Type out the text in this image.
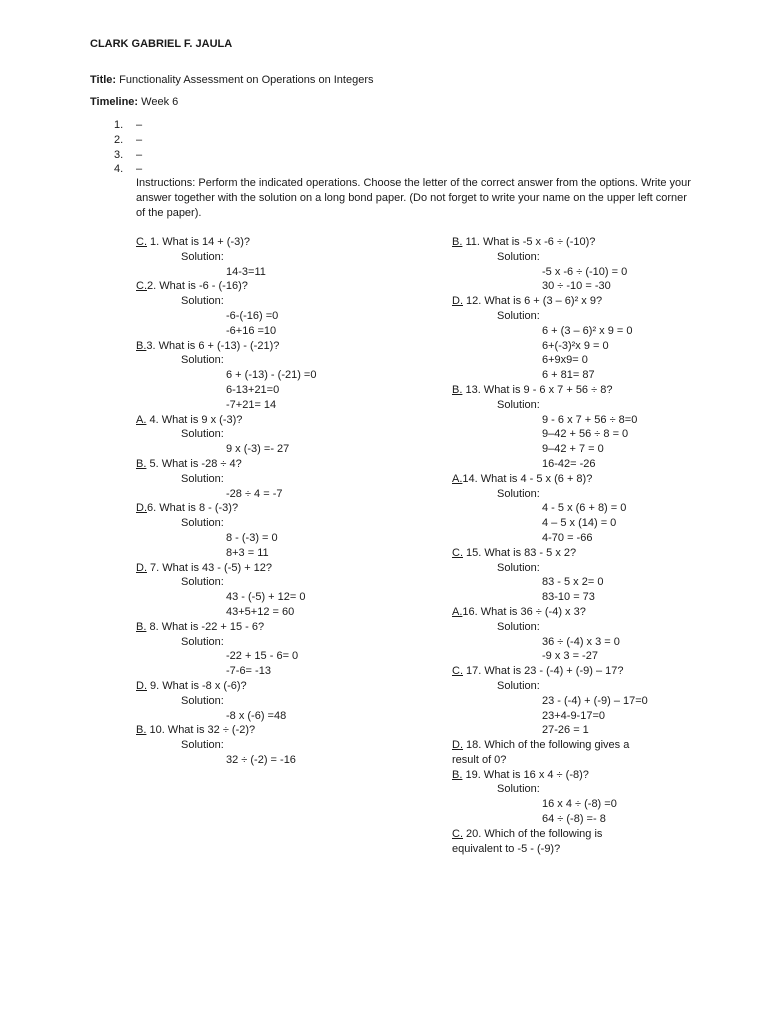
CLARK GABRIEL F. JAULA
Title: Functionality Assessment on Operations on Integers
Timeline: Week 6
1. –
2. –
3. –
4. –
Instructions: Perform the indicated operations. Choose the letter of the correct answer from the options. Write your answer together with the solution on a long bond paper. (Do not forget to write your name on the upper left corner of the paper).
C. 1. What is 14 + (-3)?
Solution:
14-3=11
C.2. What is -6 - (-16)?
Solution:
-6-(-16) =0
-6+16 =10
B.3. What is 6 + (-13) - (-21)?
Solution:
6 + (-13) - (-21) =0
6-13+21=0
-7+21= 14
A. 4. What is 9 x (-3)?
Solution:
9 x (-3) =- 27
B. 5. What is -28 ÷ 4?
Solution:
-28 ÷ 4 = -7
D.6. What is 8 - (-3)?
Solution:
8 - (-3) = 0
8+3 = 11
D. 7. What is 43 - (-5) + 12?
Solution:
43 - (-5) + 12= 0
43+5+12 = 60
B. 8. What is -22 + 15 - 6?
Solution:
-22 + 15 - 6= 0
-7-6= -13
D. 9. What is -8 x (-6)?
Solution:
-8 x (-6) =48
B. 10. What is 32 ÷ (-2)?
Solution:
32 ÷ (-2) = -16
B. 11. What is -5 x -6 ÷ (-10)?
Solution:
-5 x -6 ÷ (-10) = 0
30 ÷ -10 = -30
D. 12. What is 6 + (3 – 6)² x 9?
Solution:
6 + (3 – 6)² x 9 = 0
6+(-3)²x 9 = 0
6+9x9= 0
6 + 81= 87
B. 13. What is 9 - 6 x 7 + 56 ÷ 8?
Solution:
9 - 6 x 7 + 56 ÷ 8=0
9–42 + 56 ÷ 8 = 0
9–42 + 7 = 0
16-42= -26
A.14. What is 4 - 5 x (6 + 8)?
Solution:
4 - 5 x (6 + 8) = 0
4 – 5 x (14) = 0
4-70 = -66
C. 15. What is 83 - 5 x 2?
Solution:
83 - 5 x 2= 0
83-10 = 73
A.16. What is 36 ÷ (-4) x 3?
Solution:
36 ÷ (-4) x 3 = 0
-9 x 3 = -27
C. 17. What is 23 - (-4) + (-9) – 17?
Solution:
23 - (-4) + (-9) – 17=0
23+4-9-17=0
27-26 = 1
D. 18. Which of the following gives a
result of 0?
B. 19. What is 16 x 4 ÷ (-8)?
Solution:
16 x 4 ÷ (-8) =0
64 ÷ (-8) =- 8
C. 20. Which of the following is
equivalent to -5 - (-9)?
